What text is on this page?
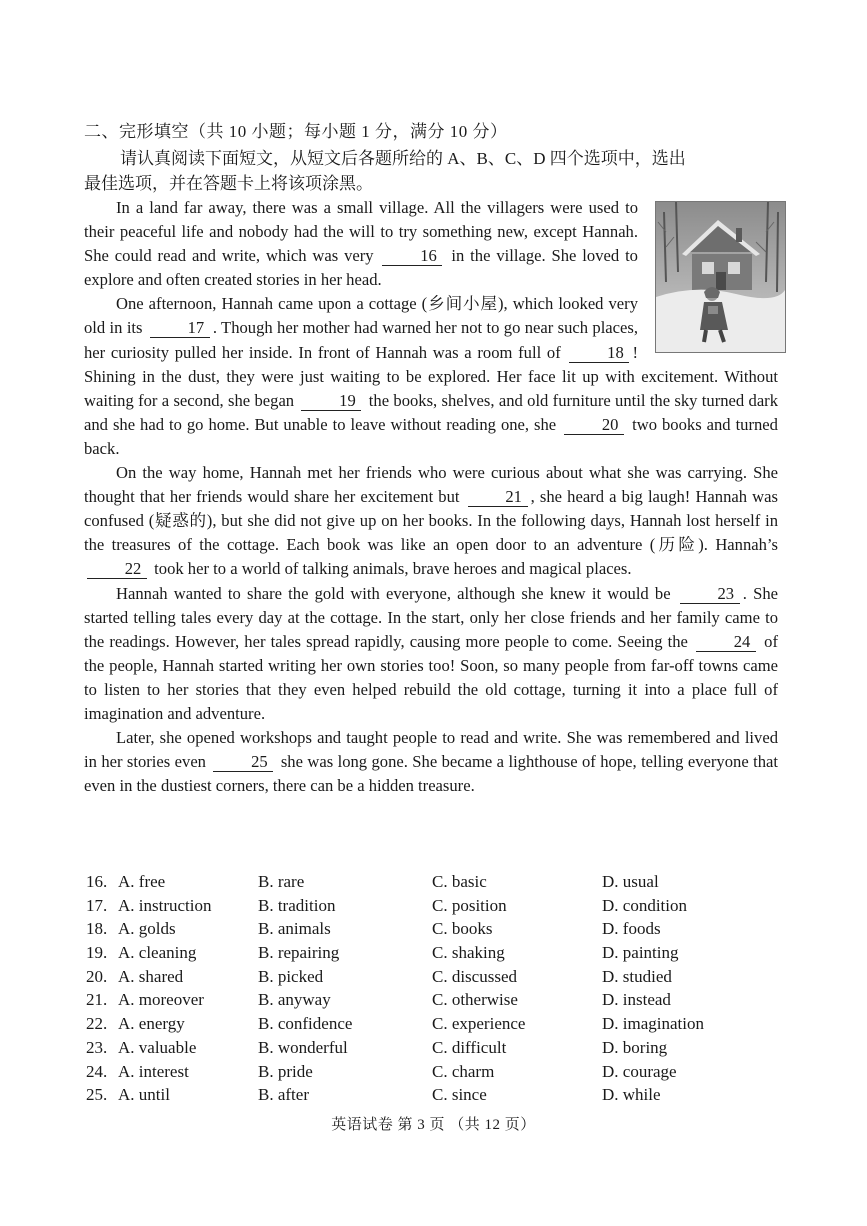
二、完形填空（共 10 小题；每小题 1 分，满分 10 分）
请认真阅读下面短文，从短文后各题所给的 A、B、C、D 四个选项中，选出
最佳选项，并在答题卡上将该项涂黑。

In a land far away, there was a small village. All the villagers were used to their peaceful life and nobody had the will to try something new, except Hannah. She could read and write, which was very	16 in the village. She loved to explore and often created stories in her head.

One afternoon, Hannah came upon a cottage (乡间小屋), which looked very old in its	17 . Though her mother had warned her not to go near such places, her curiosity pulled her inside. In front of Hannah was a room full of	18 ! Shining in the dust, they were just waiting to be explored. Her face lit up with excitement. Without waiting for a second, she began	19 the books, shelves, and old furniture until the sky turned dark and she had to go home. But unable to leave without reading one, she	20 two books and turned back.

On the way home, Hannah met her friends who were curious about what she was carrying. She thought that her friends would share her excitement but	21 , she heard a big laugh! Hannah was confused (疑惑的), but she did not give up on her books. In the following days, Hannah lost herself in the treasures of the cottage. Each book was like an open door to an adventure (历险). Hannah’s 22 took her to a world of talking animals, brave heroes and magical places.

Hannah wanted to share the gold with everyone, although she knew it would be	23 . She started telling tales every day at the cottage. In the start, only her close friends and her family came to the readings. However, her tales spread rapidly, causing more people to come. Seeing the	24 of the people, Hannah started writing her own stories too! Soon, so many people from far-off towns came to listen to her stories that they even helped rebuild the old cottage, turning it into a place full of imagination and adventure.

Later, she opened workshops and taught people to read and write. She was remembered and lived in her stories even	25 she was long gone. She became a lighthouse of hope, telling everyone that even in the dustiest corners, there can be a hidden treasure.

16. A. free	B. rare	C. basic	D. usual
17. A. instruction	B. tradition	C. position	D. condition
18. A. golds	B. animals	C. books	D. foods
19. A. cleaning	B. repairing	C. shaking	D. painting
20. A. shared	B. picked	C. discussed	D. studied
21. A. moreover	B. anyway	C. otherwise	D. instead
22. A. energy	B. confidence	C. experience	D. imagination
23. A. valuable	B. wonderful	C. difficult	D. boring
24. A. interest	B. pride	C. charm	D. courage
25. A. until	B. after	C. since	D. while
英语试卷 第 3 页 （共 12 页）
